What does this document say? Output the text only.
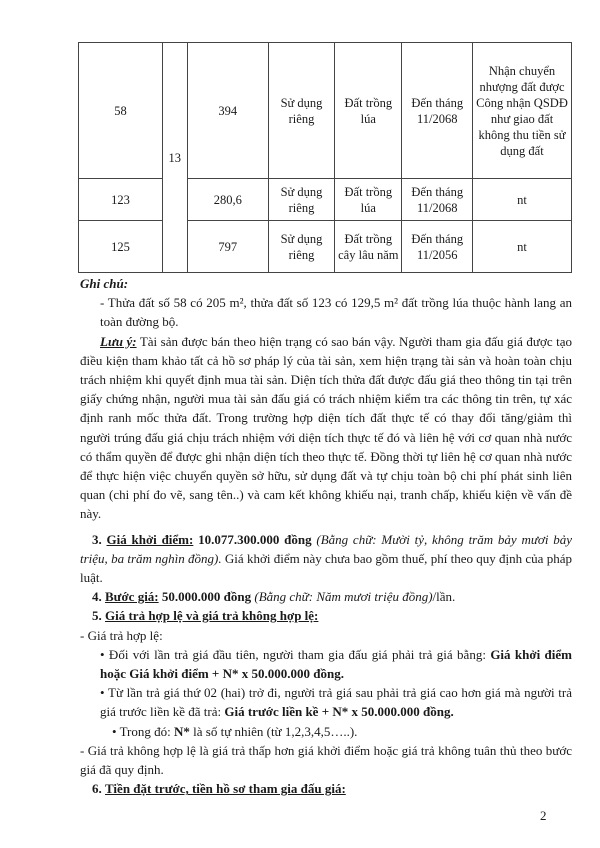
58	13	394	Sử dụng riêng	Đất trồng lúa	Đến tháng 11/2068	Nhận chuyển nhượng đất được Công nhận QSDĐ như giao đất không thu tiền sử dụng đất
123		280,6	Sử dụng riêng	Đất trồng lúa	Đến tháng 11/2068	nt
125		797	Sử dụng riêng	Đất trồng cây lâu năm	Đến tháng 11/2056	nt
Ghi chú:
- Thửa đất số 58 có 205 m², thửa đất số 123 có 129,5 m² đất trồng lúa thuộc hành lang an toàn đường bộ.
Lưu ý: Tài sản được bán theo hiện trạng có sao bán vậy. Người tham gia đấu giá được tạo điều kiện tham khảo tất cả hồ sơ pháp lý của tài sản, xem hiện trạng tài sản và hoàn toàn chịu trách nhiệm khi quyết định mua tài sản. Diện tích thửa đất được đấu giá theo thông tin tại trên giấy chứng nhận, người mua tài sản đấu giá có trách nhiệm kiểm tra các thông tin trên, tự xác định ranh mốc thửa đất. Trong trường hợp diện tích đất thực tế có thay đổi tăng/giảm thì người trúng đấu giá chịu trách nhiệm với diện tích thực tế đó và liên hệ với cơ quan nhà nước có thẩm quyền để được ghi nhận diện tích theo thực tế. Đồng thời tự liên hệ cơ quan nhà nước để thực hiện việc chuyển quyền sở hữu, sử dụng đất và tự chịu toàn bộ chi phí phát sinh liên quan (chi phí đo vẽ, sang tên..) và cam kết không khiếu nại, tranh chấp, khiếu kiện về vấn đề này.
3. Giá khởi điểm: 10.077.300.000 đồng (Bằng chữ: Mười tỷ, không trăm bảy mươi bảy triệu, ba trăm nghìn đồng). Giá khởi điểm này chưa bao gồm thuế, phí theo quy định của pháp luật.
4. Bước giá: 50.000.000 đồng (Bằng chữ: Năm mươi triệu đồng)/lần.
5. Giá trả hợp lệ và giá trả không hợp lệ:
- Giá trả hợp lệ:
• Đối với lần trả giá đầu tiên, người tham gia đấu giá phải trả giá bằng: Giá khởi điểm hoặc Giá khởi điểm + N* x 50.000.000 đồng.
• Từ lần trả giá thứ 02 (hai) trở đi, người trả giá sau phải trả giá cao hơn giá mà người trả giá trước liền kề đã trả: Giá trước liền kề + N* x 50.000.000 đồng.
• Trong đó: N* là số tự nhiên (từ 1,2,3,4,5…..).
- Giá trả không hợp lệ là giá trả thấp hơn giá khởi điểm hoặc giá trả không tuân thủ theo bước giá đã quy định.
6. Tiền đặt trước, tiền hồ sơ tham gia đấu giá:
2
